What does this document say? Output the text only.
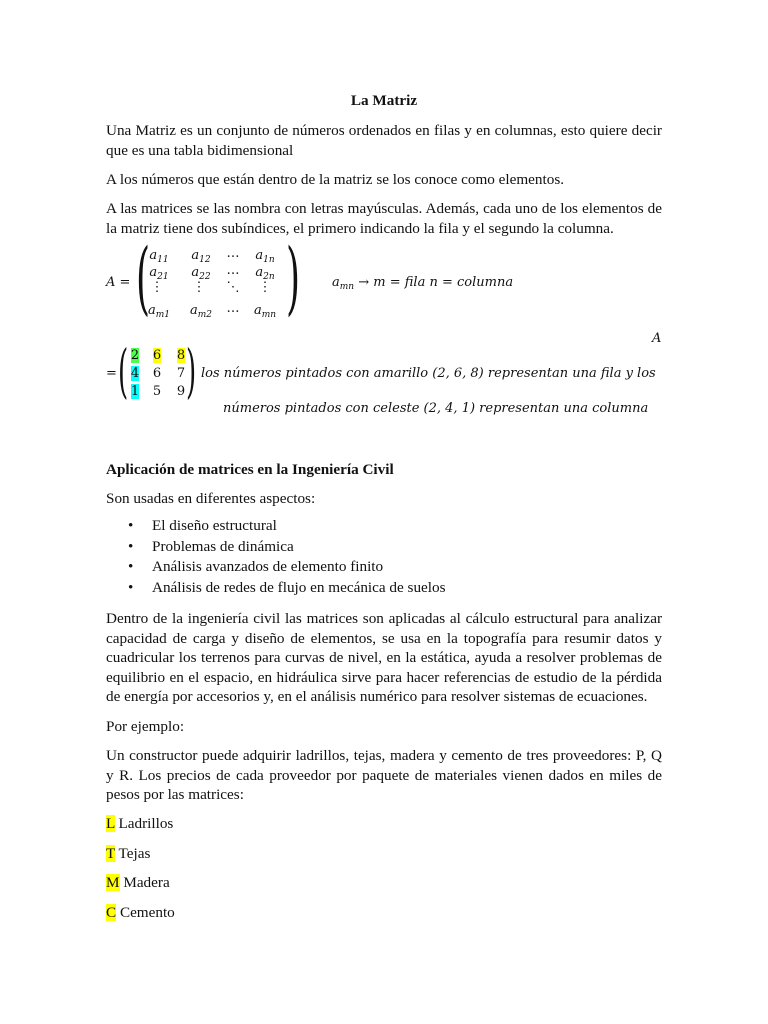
La Matriz
Una Matriz es un conjunto de números ordenados en filas y en columnas, esto quiere decir que es una tabla bidimensional
A los números que están dentro de la matriz se los conoce como elementos.
A las matrices se las nombra con letras mayúsculas. Además, cada uno de los elementos de la matriz tiene dos subíndices, el primero indicando la fila y el segundo la columna.
A = ( )
$a_{11}$	$a_{12}$	…	$a_{1n}$
$a_{21}$	$a_{22}$	…	$a_{2n}$
⋮	⋮	⋱	⋮
$a_{m1}$	$a_{m2}$	…	$a_{mn}$
$a_{mn} \to m$ = fila n = columna
A
= ( )
2	6	8
4	6	7
1	5	9
los números pintados con amarillo (2, 6, 8) representan una fila y los
números pintados con celeste (2, 4, 1) representan una columna
Aplicación de matrices en la Ingeniería Civil
Son usadas en diferentes aspectos:
• El diseño estructural
• Problemas de dinámica
• Análisis avanzados de elemento finito
• Análisis de redes de flujo en mecánica de suelos
Dentro de la ingeniería civil las matrices son aplicadas al cálculo estructural para analizar capacidad de carga y diseño de elementos, se usa en la topografía para resumir datos y cuadricular los terrenos para curvas de nivel, en la estática, ayuda a resolver problemas de equilibrio en el espacio, en hidráulica sirve para hacer referencias de estudio de la pérdida de energía por accesorios y, en el análisis numérico para resolver sistemas de ecuaciones.
Por ejemplo:
Un constructor puede adquirir ladrillos, tejas, madera y cemento de tres proveedores: P, Q y R. Los precios de cada proveedor por paquete de materiales vienen dados en miles de pesos por las matrices:
L Ladrillos
T Tejas
M Madera
C Cemento
